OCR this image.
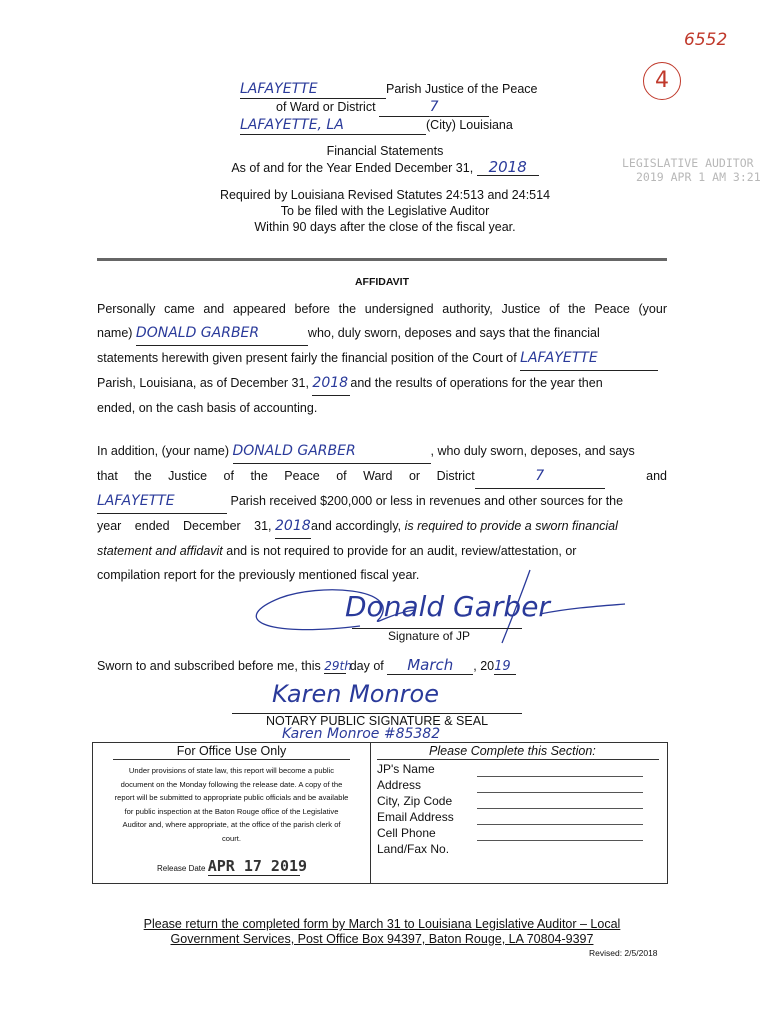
6552
4
LEGISLATIVE AUDITOR
2019 APR 1 AM 3:21
LAFAYETTE	Parish Justice of the Peace
of Ward or District	7
LAFAYETTE, LA	(City) Louisiana
Financial Statements
As of and for the Year Ended December 31, 2018
Required by Louisiana Revised Statutes 24:513 and 24:514
To be filed with the Legislative Auditor
Within 90 days after the close of the fiscal year.
AFFIDAVIT
Personally came and appeared before the undersigned authority, Justice of the Peace (your
name) DONALD GARBER	who, duly sworn, deposes and says that the financial
statements herewith given present fairly the financial position of the Court of LAFAYETTE
Parish, Louisiana, as of December 31, 2018 and the results of operations for the year then
ended, on the cash basis of accounting.
In addition, (your name) DONALD GARBER	, who duly sworn, deposes, and says
that the Justice of the Peace of Ward or District	7	and
LAFAYETTE	Parish received $200,000 or less in revenues and other sources for the
year ended December 31, 2018and accordingly, is required to provide a sworn financial
statement and affidavit and is not required to provide for an audit, review/attestation, or
compilation report for the previously mentioned fiscal year.
Donald Garber
Signature of JP
Sworn to and subscribed before me, this 29th day of March , 2019
Karen Monroe
NOTARY PUBLIC SIGNATURE & SEAL
Karen Monroe #85382
For Office Use Only
Under provisions of state law, this report will become a public
document on the Monday following the release date. A copy of the
report will be submitted to appropriate public officials and be available
for public inspection at the Baton Rouge office of the Legislative
Auditor and, where appropriate, at the office of the parish clerk of
court.
Release Date APR 17 2019
Please Complete this Section:
JP's Name
Address
City, Zip Code
Email Address
Cell Phone
Land/Fax No.
Please return the completed form by March 31 to Louisiana Legislative Auditor – Local
Government Services, Post Office Box 94397, Baton Rouge, LA 70804-9397
Revised: 2/5/2018
